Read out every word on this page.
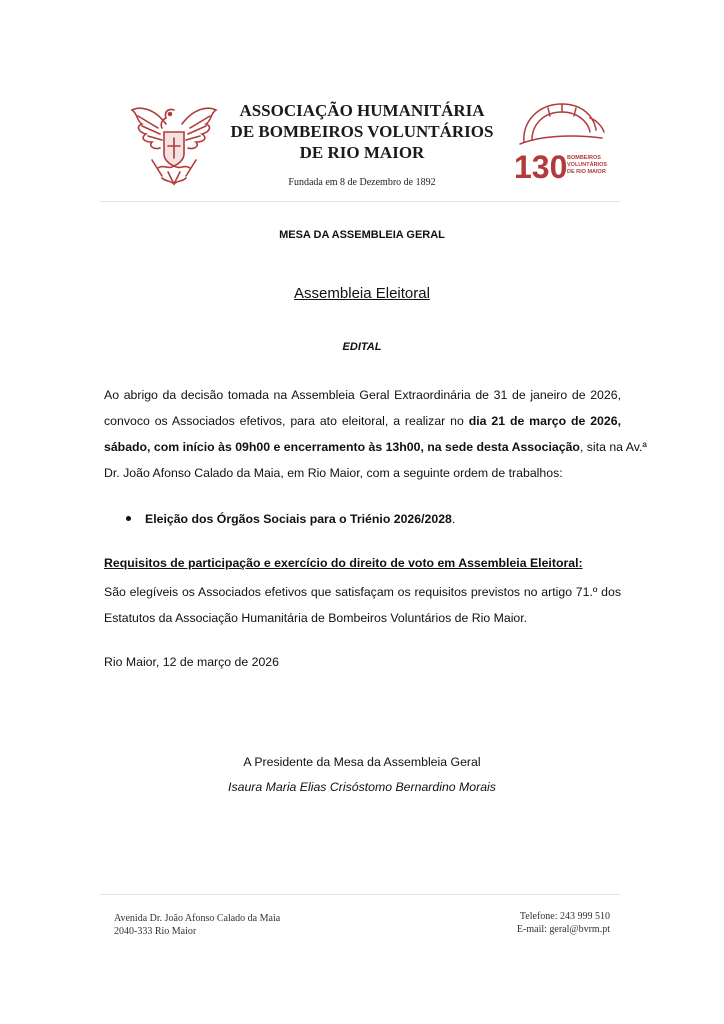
ASSOCIAÇÃO HUMANITÁRIA
DE BOMBEIROS VOLUNTÁRIOS
DE RIO MAIOR
Fundada em 8 de Dezembro de 1892	130 BOMBEIROS
VOLUNTÁRIOS
DE RIO MAIOR
MESA DA ASSEMBLEIA GERAL
Assembleia Eleitoral
EDITAL
Ao abrigo da decisão tomada na Assembleia Geral Extraordinária de 31 de janeiro de 2026,
convoco os Associados efetivos, para ato eleitoral, a realizar no dia 21 de março de 2026,
sábado, com início às 09h00 e encerramento às 13h00, na sede desta Associação, sita na Av.ª
Dr. João Afonso Calado da Maia, em Rio Maior, com a seguinte ordem de trabalhos:
Eleição dos Órgãos Sociais para o Triénio 2026/2028.
Requisitos de participação e exercício do direito de voto em Assembleia Eleitoral:
São elegíveis os Associados efetivos que satisfaçam os requisitos previstos no artigo 71.º dos
Estatutos da Associação Humanitária de Bombeiros Voluntários de Rio Maior.
Rio Maior, 12 de março de 2026
A Presidente da Mesa da Assembleia Geral
Isaura Maria Elias Crisóstomo Bernardino Morais
Avenida Dr. João Afonso Calado da Maia
2040-333 Rio Maior
Telefone: 243 999 510
E-mail: geral@bvrm.pt
